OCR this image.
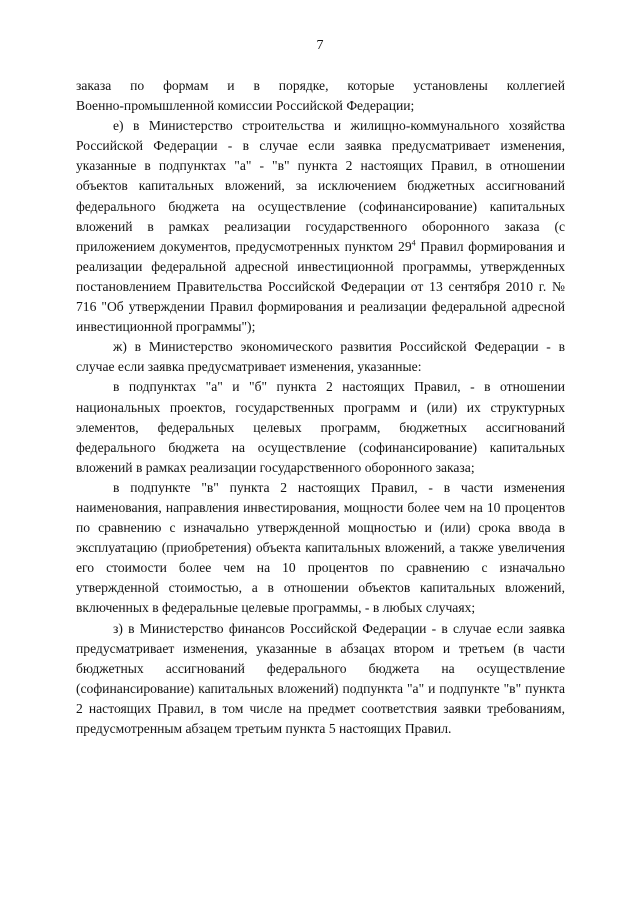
7
заказа по формам и в порядке, которые установлены коллегией

Военно-промышленной комиссии Российской Федерации;

е) в Министерство строительства и жилищно-коммунального хозяйства Российской Федерации - в случае если заявка предусматривает изменения, указанные в подпунктах "а" - "в" пункта 2 настоящих Правил, в отношении объектов капитальных вложений, за исключением бюджетных ассигнований федерального бюджета на осуществление (софинансирование) капитальных вложений в рамках реализации государственного оборонного заказа (с приложением документов, предусмотренных пунктом $29^4$ Правил формирования и реализации федеральной адресной инвестиционной программы, утвержденных постановлением Правительства Российской Федерации от 13 сентября 2010 г. № 716 "Об утверждении Правил формирования и реализации федеральной адресной инвестиционной программы");

ж) в Министерство экономического развития Российской Федерации - в случае если заявка предусматривает изменения, указанные:

в подпунктах "а" и "б" пункта 2 настоящих Правил, - в отношении национальных проектов, государственных программ и (или) их структурных элементов, федеральных целевых программ, бюджетных ассигнований федерального бюджета на осуществление (софинансирование) капитальных вложений в рамках реализации государственного оборонного заказа;

в подпункте "в" пункта 2 настоящих Правил, - в части изменения наименования, направления инвестирования, мощности более чем на 10 процентов по сравнению с изначально утвержденной мощностью и (или) срока ввода в эксплуатацию (приобретения) объекта капитальных вложений, а также увеличения его стоимости более чем на 10 процентов по сравнению с изначально утвержденной стоимостью, а в отношении объектов капитальных вложений, включенных в федеральные целевые программы, - в любых случаях;

з) в Министерство финансов Российской Федерации - в случае если заявка предусматривает изменения, указанные в абзацах втором и третьем (в части бюджетных ассигнований федерального бюджета на осуществление (софинансирование) капитальных вложений) подпункта "а" и подпункте "в" пункта 2 настоящих Правил, в том числе на предмет соответствия заявки требованиям, предусмотренным абзацем третьим пункта 5 настоящих Правил.
